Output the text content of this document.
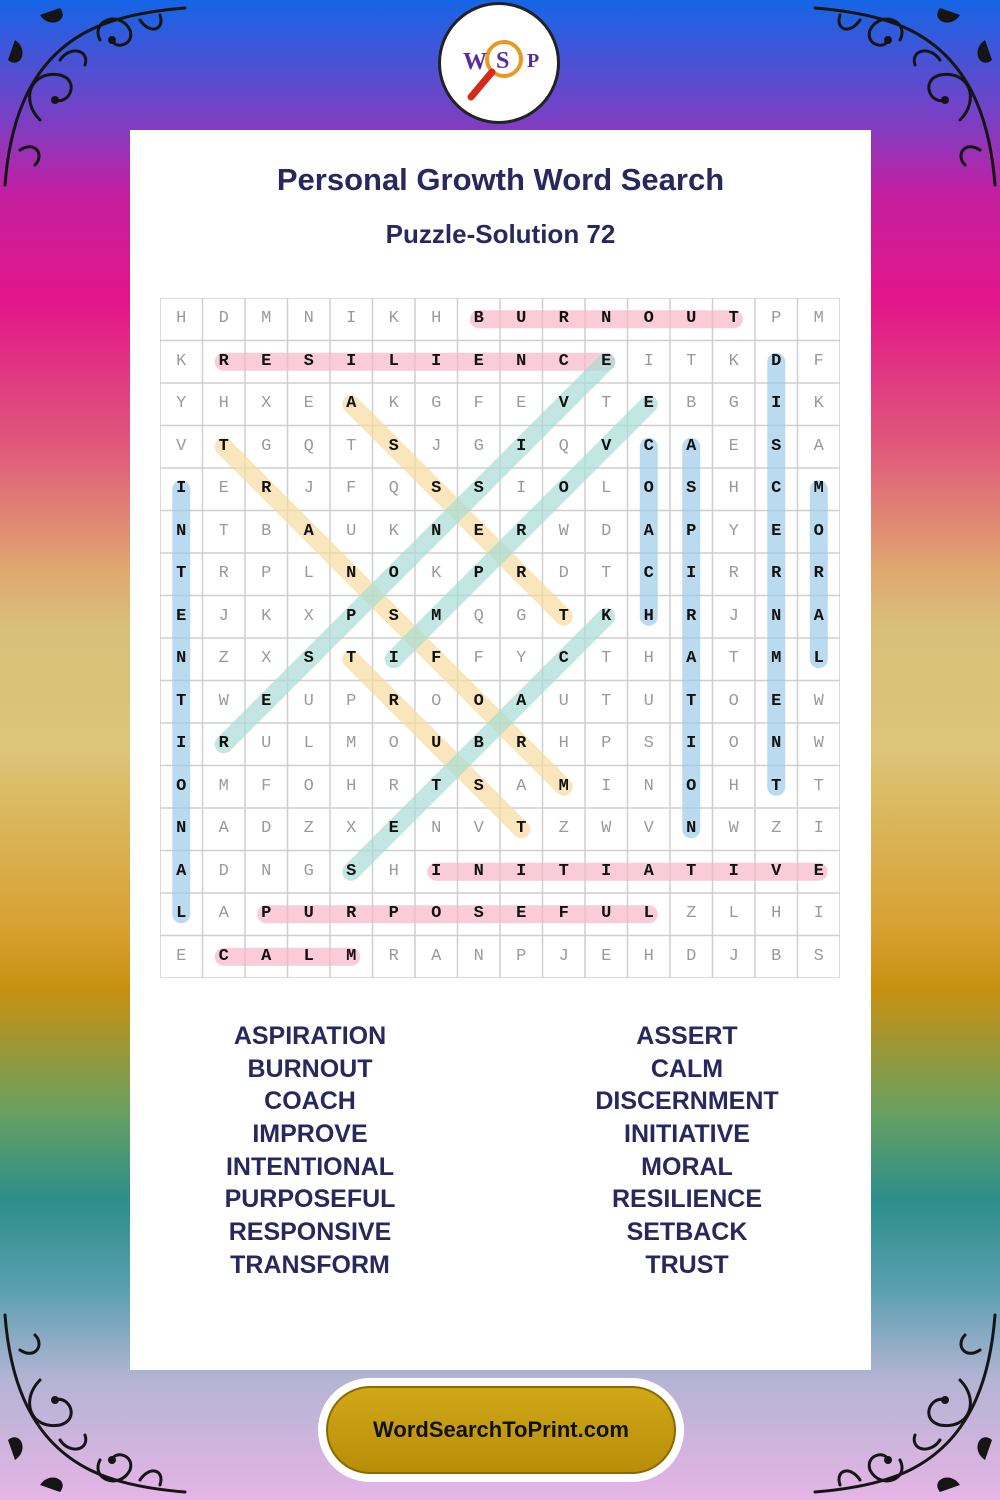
W S P
Personal Growth Word Search
Puzzle-Solution 72
H	D	M	N	I	K	H	B	U	R	N	O	U	T	P	M
K	R	E	S	I	L	I	E	N	C	E	I	T	K	D	F
Y	H	X	E	A	K	G	F	E	V	T	E	B	G	I	K
V	T	G	Q	T	S	J	G	I	Q	V	C	A	E	S	A
I	E	R	J	F	Q	S	S	I	O	L	O	S	H	C	M
N	T	B	A	U	K	N	E	R	W	D	A	P	Y	E	O
T	R	P	L	N	O	K	P	R	D	T	C	I	R	R	R
E	J	K	X	P	S	M	Q	G	T	K	H	R	J	N	A
N	Z	X	S	T	I	F	F	Y	C	T	H	A	T	M	L
T	W	E	U	P	R	O	O	A	U	T	U	T	O	E	W
I	R	U	L	M	O	U	B	R	H	P	S	I	O	N	W
O	M	F	O	H	R	T	S	A	M	I	N	O	H	T	T
N	A	D	Z	X	E	N	V	T	Z	W	V	N	W	Z	I
A	D	N	G	S	H	I	N	I	T	I	A	T	I	V	E
L	A	P	U	R	P	O	S	E	F	U	L	Z	L	H	I
E	C	A	L	M	R	A	N	P	J	E	H	D	J	B	S
ASPIRATION
BURNOUT
COACH
IMPROVE
INTENTIONAL
PURPOSEFUL
RESPONSIVE
TRANSFORM
ASSERT
CALM
DISCERNMENT
INITIATIVE
MORAL
RESILIENCE
SETBACK
TRUST
WordSearchToPrint.com
